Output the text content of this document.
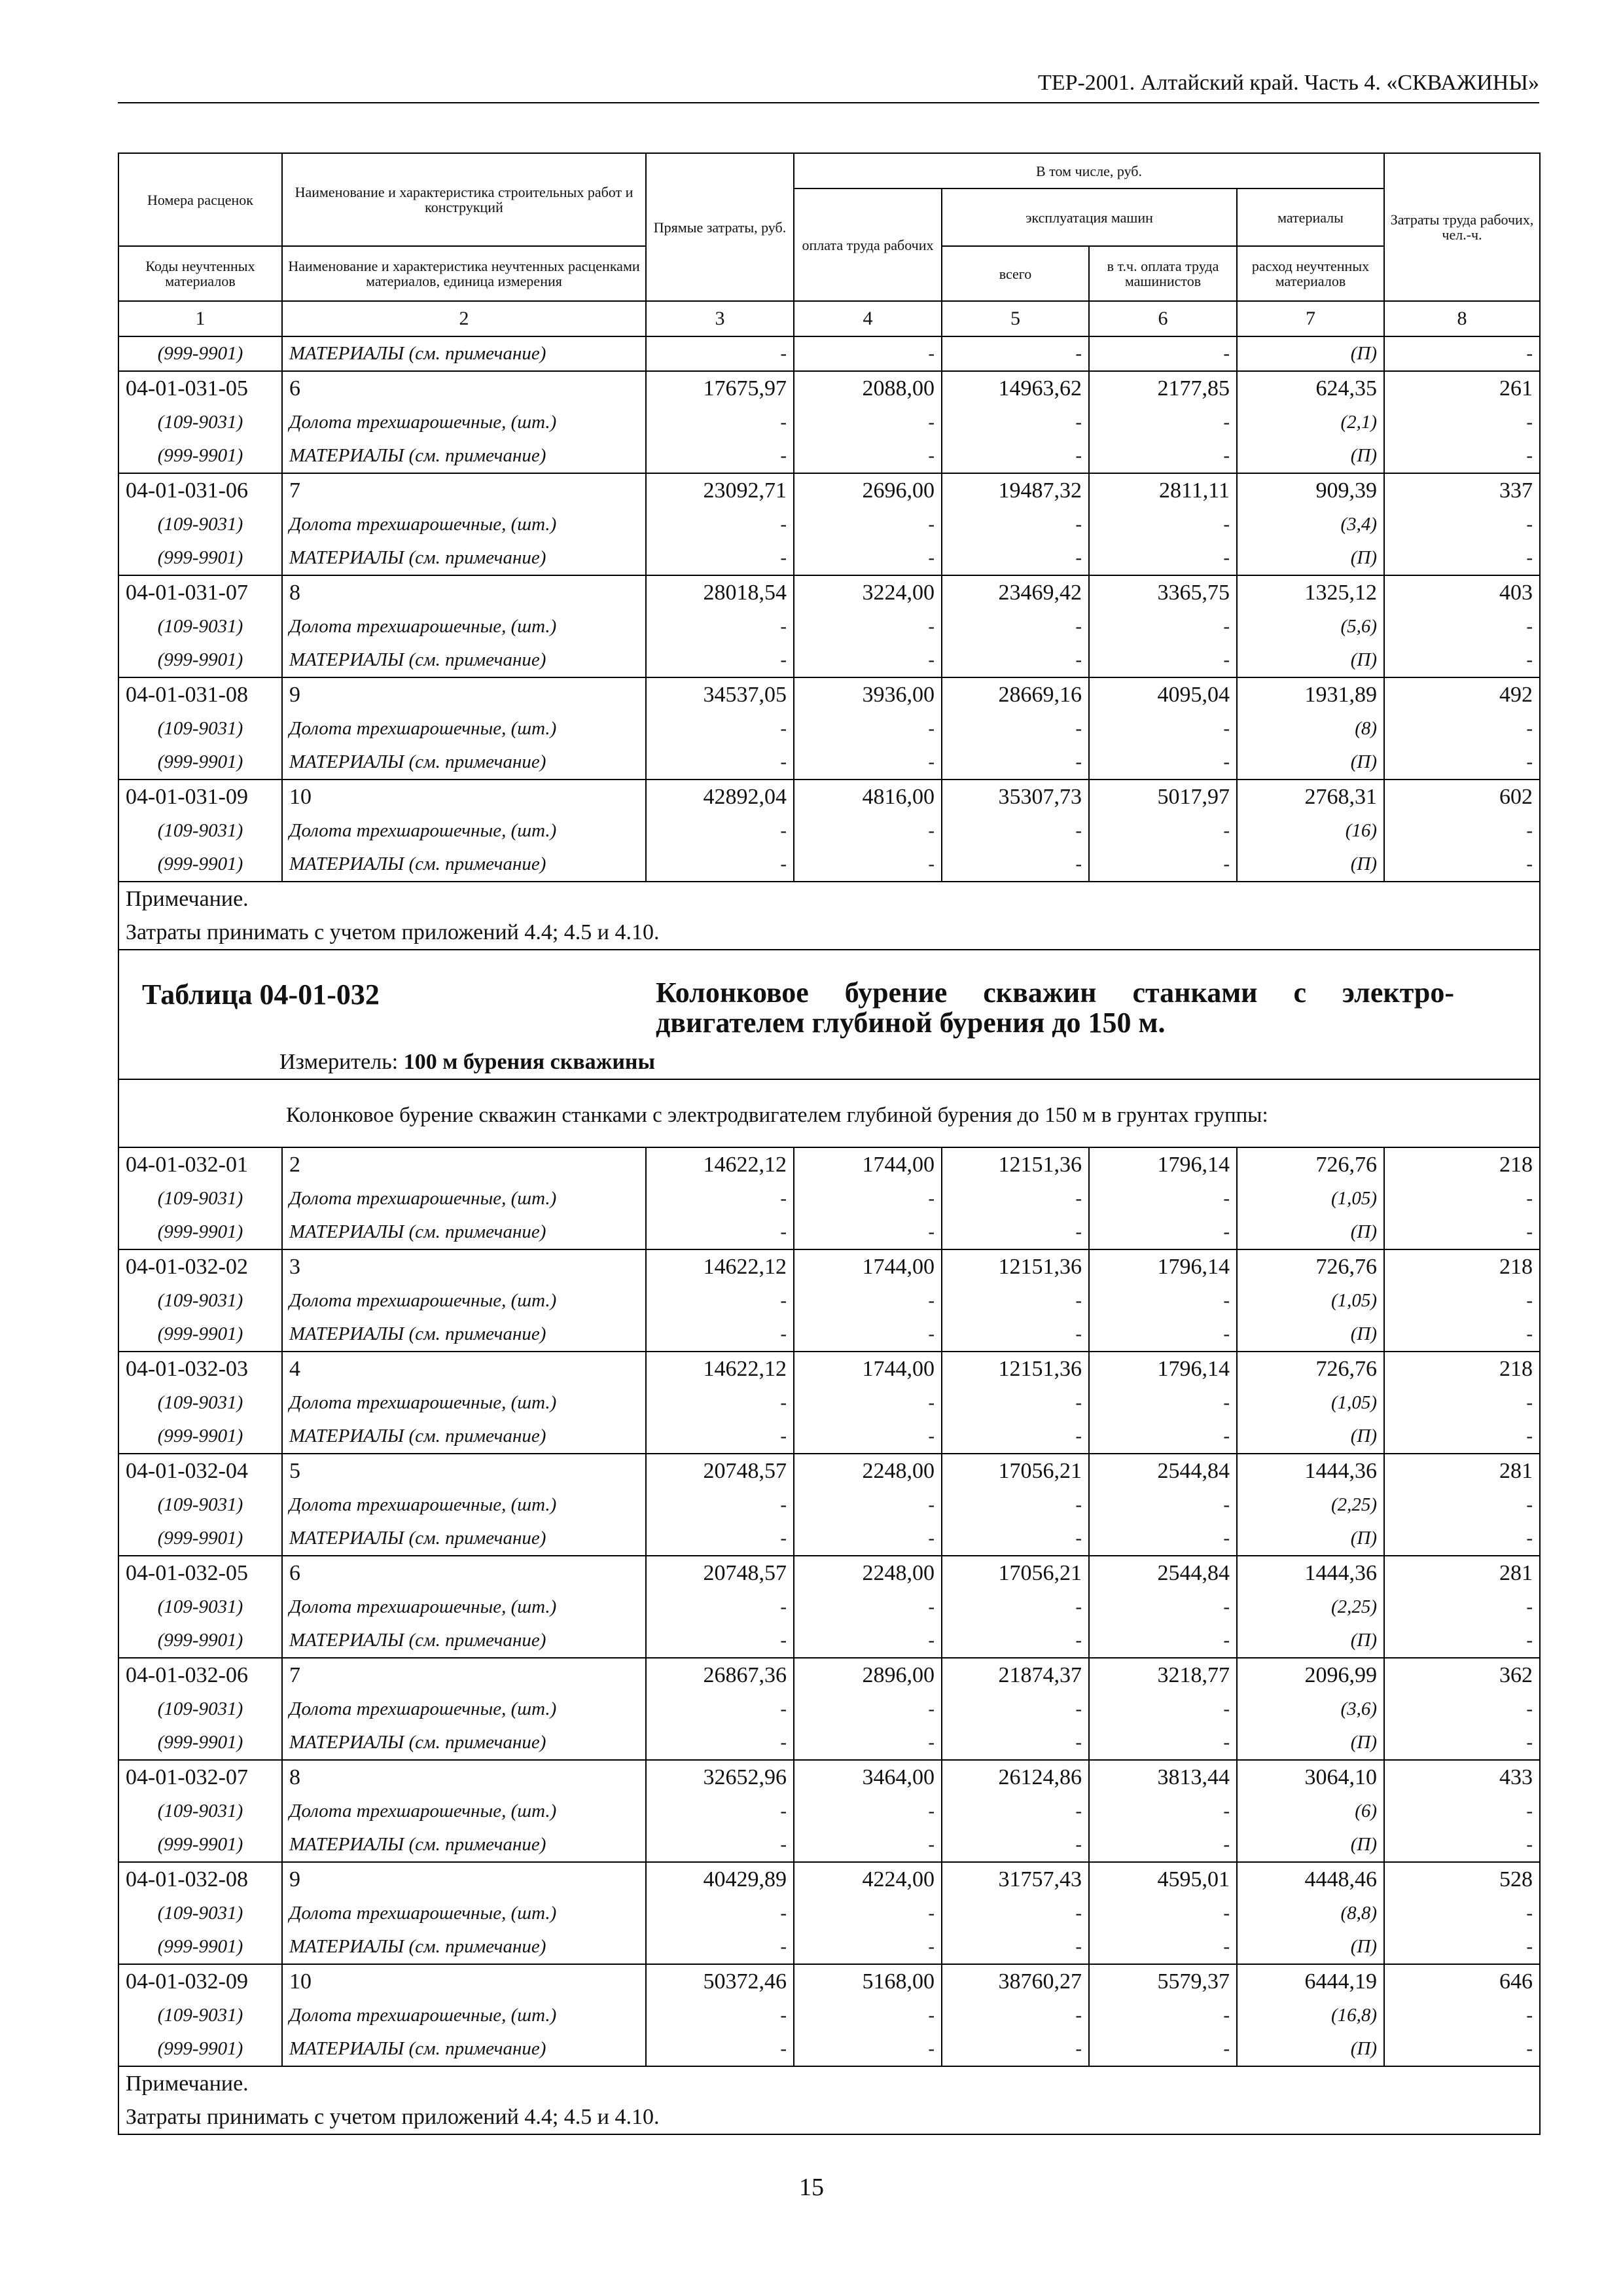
ТЕР-2001. Алтайский край. Часть 4. «СКВАЖИНЫ»
Номера расценок	Наименование и характеристика строительных работ и конструкций	Прямые затраты, руб.	В том числе, руб.				Затраты труда рабочих, чел.-ч.
			оплата труда рабочих	эксплуатация машин		материалы	
Коды неучтенных материалов	Наименование и характеристика неучтенных расценками материалов, единица измерения			всего	в т.ч. оплата труда машинистов	расход неучтенных материалов	
1	2	3	4	5	6	7	8
(999-9901)	МАТЕРИАЛЫ (см. примечание)	-	-	-	-	(П)	-
04-01-031-05	6	17675,97	2088,00	14963,62	2177,85	624,35	261
(109-9031)	Долота трехшарошечные, (шт.)	-	-	-	-	(2,1)	-
(999-9901)	МАТЕРИАЛЫ (см. примечание)	-	-	-	-	(П)	-
04-01-031-06	7	23092,71	2696,00	19487,32	2811,11	909,39	337
(109-9031)	Долота трехшарошечные, (шт.)	-	-	-	-	(3,4)	-
(999-9901)	МАТЕРИАЛЫ (см. примечание)	-	-	-	-	(П)	-
04-01-031-07	8	28018,54	3224,00	23469,42	3365,75	1325,12	403
(109-9031)	Долота трехшарошечные, (шт.)	-	-	-	-	(5,6)	-
(999-9901)	МАТЕРИАЛЫ (см. примечание)	-	-	-	-	(П)	-
04-01-031-08	9	34537,05	3936,00	28669,16	4095,04	1931,89	492
(109-9031)	Долота трехшарошечные, (шт.)	-	-	-	-	(8)	-
(999-9901)	МАТЕРИАЛЫ (см. примечание)	-	-	-	-	(П)	-
04-01-031-09	10	42892,04	4816,00	35307,73	5017,97	2768,31	602
(109-9031)	Долота трехшарошечные, (шт.)	-	-	-	-	(16)	-
(999-9901)	МАТЕРИАЛЫ (см. примечание)	-	-	-	-	(П)	-

Примечание.
Затраты принимать с учетом приложений 4.4; 4.5 и 4.10.							

Таблица 04-01-032 Колонковое бурение скважин станками с электро-двигателем глубиной бурения до 150 м.
Измеритель: 100 м бурения скважины							

Колонковое бурение скважин станками с электродвигателем глубиной бурения до 150 м в грунтах группы:							
04-01-032-01	2	14622,12	1744,00	12151,36	1796,14	726,76	218
(109-9031)	Долота трехшарошечные, (шт.)	-	-	-	-	(1,05)	-
(999-9901)	МАТЕРИАЛЫ (см. примечание)	-	-	-	-	(П)	-
04-01-032-02	3	14622,12	1744,00	12151,36	1796,14	726,76	218
(109-9031)	Долота трехшарошечные, (шт.)	-	-	-	-	(1,05)	-
(999-9901)	МАТЕРИАЛЫ (см. примечание)	-	-	-	-	(П)	-
04-01-032-03	4	14622,12	1744,00	12151,36	1796,14	726,76	218
(109-9031)	Долота трехшарошечные, (шт.)	-	-	-	-	(1,05)	-
(999-9901)	МАТЕРИАЛЫ (см. примечание)	-	-	-	-	(П)	-
04-01-032-04	5	20748,57	2248,00	17056,21	2544,84	1444,36	281
(109-9031)	Долота трехшарошечные, (шт.)	-	-	-	-	(2,25)	-
(999-9901)	МАТЕРИАЛЫ (см. примечание)	-	-	-	-	(П)	-
04-01-032-05	6	20748,57	2248,00	17056,21	2544,84	1444,36	281
(109-9031)	Долота трехшарошечные, (шт.)	-	-	-	-	(2,25)	-
(999-9901)	МАТЕРИАЛЫ (см. примечание)	-	-	-	-	(П)	-
04-01-032-06	7	26867,36	2896,00	21874,37	3218,77	2096,99	362
(109-9031)	Долота трехшарошечные, (шт.)	-	-	-	-	(3,6)	-
(999-9901)	МАТЕРИАЛЫ (см. примечание)	-	-	-	-	(П)	-
04-01-032-07	8	32652,96	3464,00	26124,86	3813,44	3064,10	433
(109-9031)	Долота трехшарошечные, (шт.)	-	-	-	-	(6)	-
(999-9901)	МАТЕРИАЛЫ (см. примечание)	-	-	-	-	(П)	-
04-01-032-08	9	40429,89	4224,00	31757,43	4595,01	4448,46	528
(109-9031)	Долота трехшарошечные, (шт.)	-	-	-	-	(8,8)	-
(999-9901)	МАТЕРИАЛЫ (см. примечание)	-	-	-	-	(П)	-
04-01-032-09	10	50372,46	5168,00	38760,27	5579,37	6444,19	646
(109-9031)	Долота трехшарошечные, (шт.)	-	-	-	-	(16,8)	-
(999-9901)	МАТЕРИАЛЫ (см. примечание)	-	-	-	-	(П)	-

Примечание.
Затраты принимать с учетом приложений 4.4; 4.5 и 4.10.							
15
